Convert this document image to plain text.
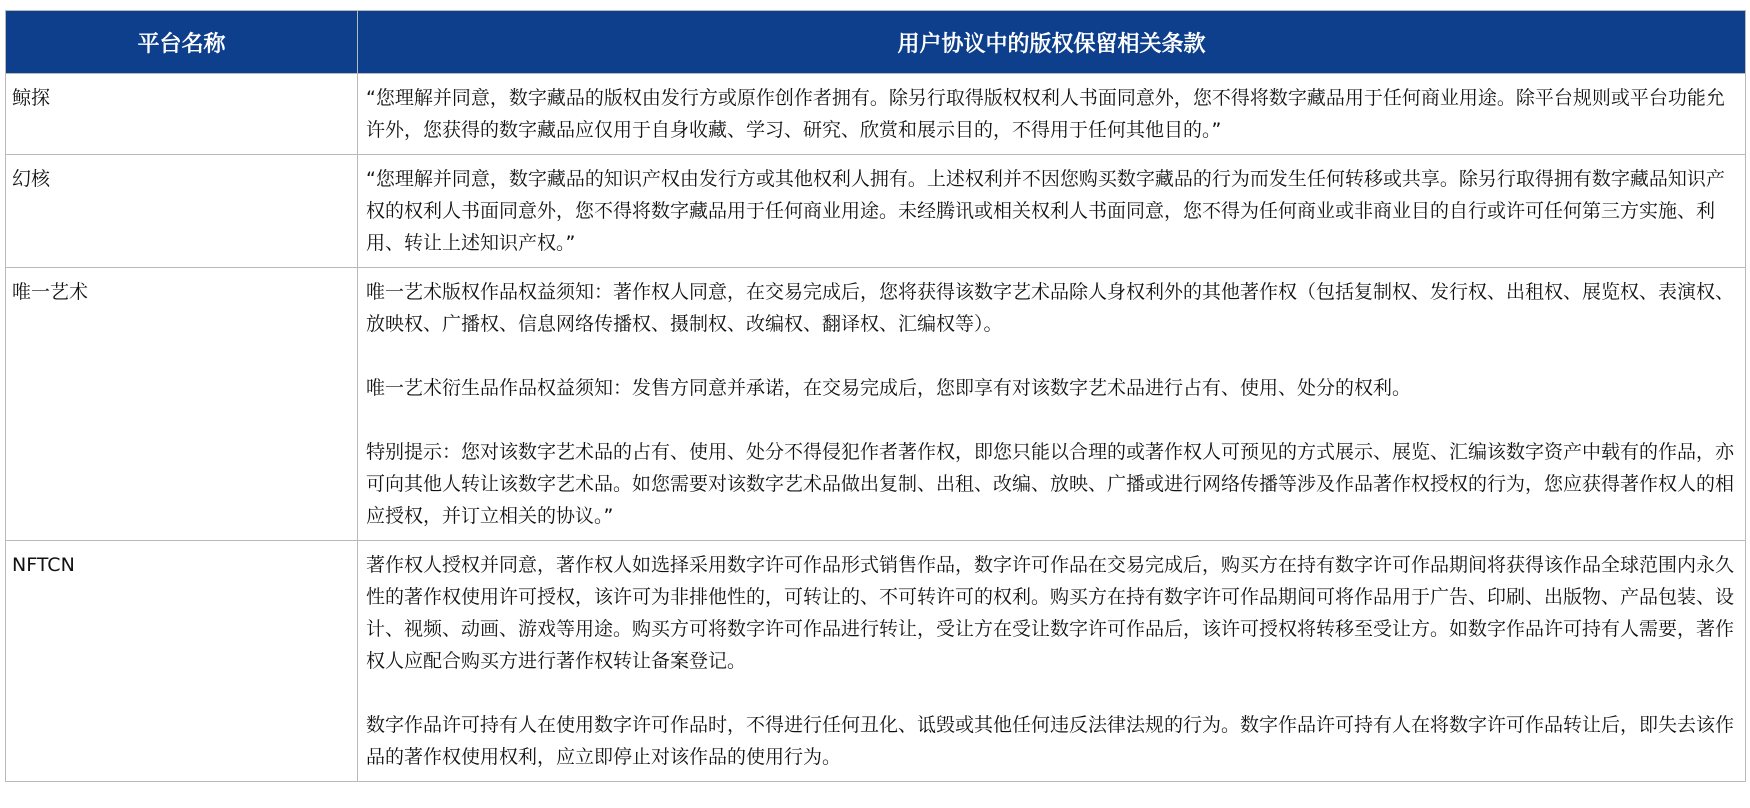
平台名称	用户协议中的版权保留相关条款
鲸探	“您理解并同意，数字藏品的版权由发行方或原作创作者拥有。除另行取得版权权利人书面同意外，您不得将数字藏品用于任何商业用途。除平台规则或平台功能允许外，您获得的数字藏品应仅用于自身收藏、学习、研究、欣赏和展示目的，不得用于任何其他目的。”

幻核	“您理解并同意，数字藏品的知识产权由发行方或其他权利人拥有。上述权利并不因您购买数字藏品的行为而发生任何转移或共享。除另行取得拥有数字藏品知识产权的权利人书面同意外，您不得将数字藏品用于任何商业用途。未经腾讯或相关权利人书面同意，您不得为任何商业或非商业目的自行或许可任何第三方实施、利用、转让上述知识产权。”

唯一艺术	唯一艺术版权作品权益须知：著作权人同意，在交易完成后，您将获得该数字艺术品除人身权利外的其他著作权（包括复制权、发行权、出租权、展览权、表演权、放映权、广播权、信息网络传播权、摄制权、改编权、翻译权、汇编权等）。
唯一艺术衍生品作品权益须知：发售方同意并承诺，在交易完成后，您即享有对该数字艺术品进行占有、使用、处分的权利。
特别提示：您对该数字艺术品的占有、使用、处分不得侵犯作者著作权，即您只能以合理的或著作权人可预见的方式展示、展览、汇编该数字资产中载有的作品，亦可向其他人转让该数字艺术品。如您需要对该数字艺术品做出复制、出租、改编、放映、广播或进行网络传播等涉及作品著作权授权的行为，您应获得著作权人的相应授权，并订立相关的协议。”

NFTCN	著作权人授权并同意，著作权人如选择采用数字许可作品形式销售作品，数字许可作品在交易完成后，购买方在持有数字许可作品期间将获得该作品全球范围内永久性的著作权使用许可授权，该许可为非排他性的，可转让的、不可转许可的权利。购买方在持有数字许可作品期间可将作品用于广告、印刷、出版物、产品包装、设计、视频、动画、游戏等用途。购买方可将数字许可作品进行转让，受让方在受让数字许可作品后，该许可授权将转移至受让方。如数字作品许可持有人需要，著作权人应配合购买方进行著作权转让备案登记。
数字作品许可持有人在使用数字许可作品时，不得进行任何丑化、诋毁或其他任何违反法律法规的行为。数字作品许可持有人在将数字许可作品转让后，即失去该作品的著作权使用权利，应立即停止对该作品的使用行为。
